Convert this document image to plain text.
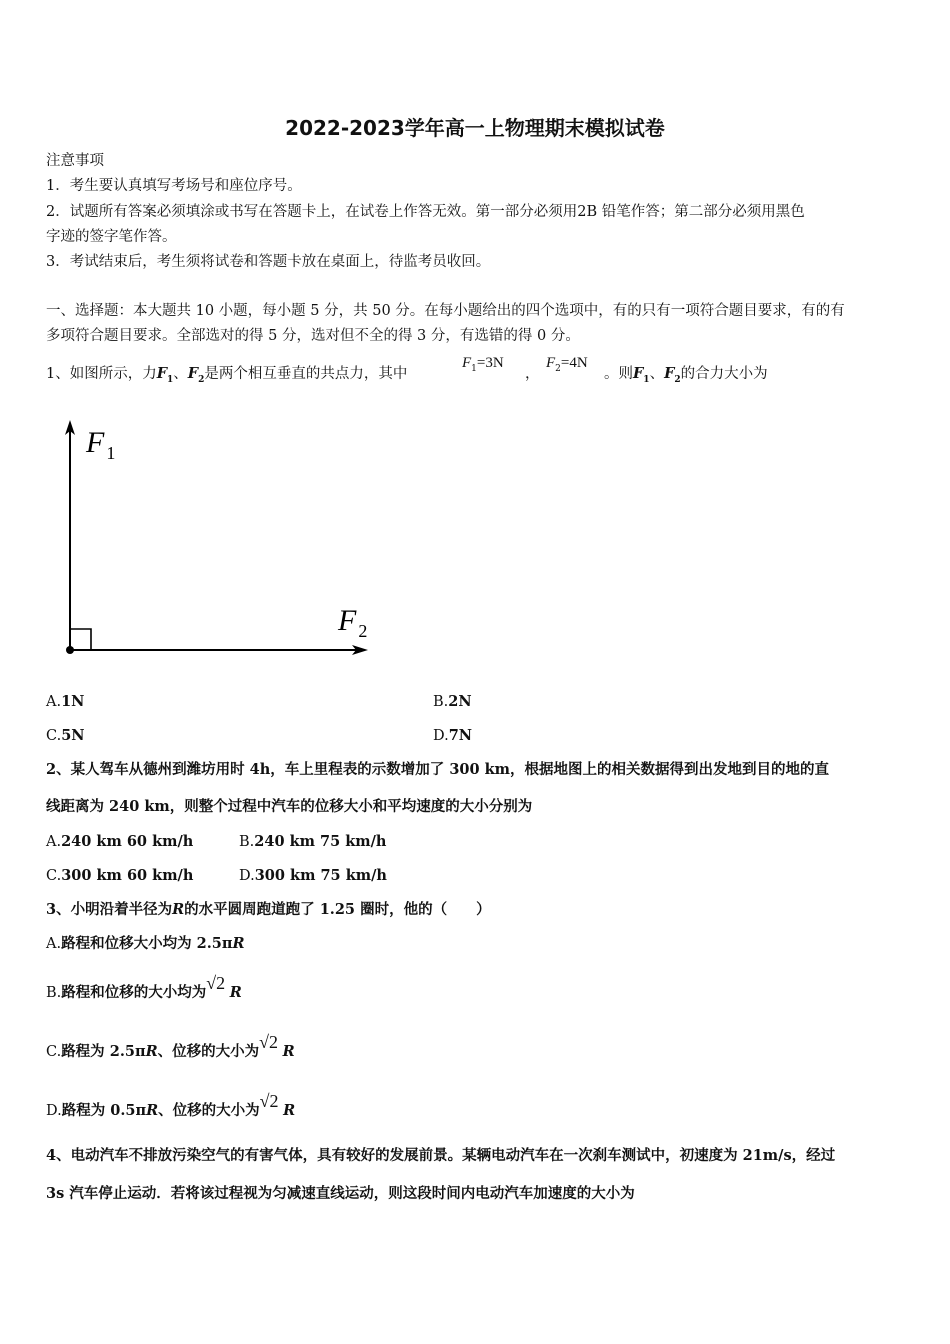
2022-2023学年高一上物理期末模拟试卷
注意事项
1．考生要认真填写考场号和座位序号。
2．试题所有答案必须填涂或书写在答题卡上，在试卷上作答无效。第一部分必须用2B 铅笔作答；第二部分必须用黑色
字迹的签字笔作答。
3．考试结束后，考生须将试卷和答题卡放在桌面上，待监考员收回。
一、选择题：本大题共 10 小题，每小题 5 分，共 50 分。在每小题给出的四个选项中，有的只有一项符合题目要求，有的有
多项符合题目要求。全部选对的得 5 分，选对但不全的得 3 分，有选错的得 0 分。
1、如图所示，力$F_1$、$F_2$是两个相互垂直的共点力，其中
$F_1=3N$
，
$F_2=4N$
。则$F_1$、$F_2$的合力大小为
F $_1$
F $_2$
A.1N	B.2N
C.5N	D.7N
2、某人驾车从德州到潍坊用时 4h，车上里程表的示数增加了 300 km，根据地图上的相关数据得到出发地到目的地的直
线距离为 240 km，则整个过程中汽车的位移大小和平均速度的大小分别为
A.240 km 60 km/h	B.240 km 75 km/h
C.300 km 60 km/h	D.300 km 75 km/h
3、小明沿着半径为R的水平圆周跑道跑了 1.25 圈时，他的（　　）
A.路程和位移大小均为 2.5πR
B.路程和位移的大小均为√2 R
C.路程为 2.5πR、位移的大小为√2 R
D.路程为 0.5πR、位移的大小为√2 R
4、电动汽车不排放污染空气的有害气体，具有较好的发展前景。某辆电动汽车在一次刹车测试中，初速度为 21m/s，经过
3s 汽车停止运动．若将该过程视为匀减速直线运动，则这段时间内电动汽车加速度的大小为
